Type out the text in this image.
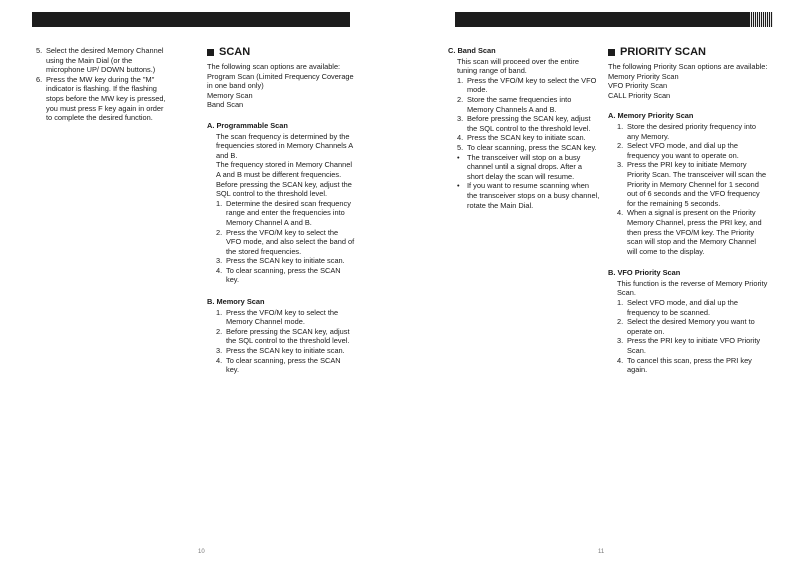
5. Select the desired Memory Channel using the Main Dial (or the microphone UP/ DOWN buttons.)
6. Press the MW key during the "M" indicator is flashing. If the flashing stops before the MW key is pressed, you must press F key again in order to complete the desired function.
SCAN
The following scan options are available:
Program Scan (Limited Frequency Coverage in one band only)
Memory Scan
Band Scan
A. Programmable Scan
The scan frequency is determined by the frequencies stored in Memory Channels A and B.
The frequency stored in Memory Channel A and B must be different frequencies.
Before pressing the SCAN key, adjust the SQL control to the threshold level.
1. Determine the desired scan frequency range and enter the frequencies into Memory Channel A and B.
2. Press the VFO/M key to select the VFO mode, and also select the band of the stored frequencies.
3. Press the SCAN key to initiate scan.
4. To clear scanning, press the SCAN key.
B. Memory Scan
1. Press the VFO/M key to select the Memory Channel mode.
2. Before pressing the SCAN key, adjust the SQL control to the threshold level.
3. Press the SCAN key to initiate scan.
4. To clear scanning, press the SCAN key.
C. Band Scan
This scan will proceed over the entire tuning range of band.
1. Press the VFO/M key to select the VFO mode.
2. Store the same frequencies into Memory Channels A and B.
3. Before pressing the SCAN key, adjust the SQL control to the threshold level.
4. Press the SCAN key to initiate scan.
5. To clear scanning, press the SCAN key.
•	The transceiver will stop on a busy channel until a signal drops. After a short delay the scan will resume.
•	If you want to resume scanning when the transceiver stops on a busy channel, rotate the Main Dial.
PRIORITY SCAN
The following Priority Scan options are available:
Memory Priority Scan
VFO Priority Scan
CALL Priority Scan
A. Memory Priority Scan
1. Store the desired priority frequency into any Memory.
2. Select VFO mode, and dial up the frequency you want to operate on.
3. Press the PRI key to initiate Memory Priority Scan. The transceiver will scan the Priority in Memory Chennel for 1 second out of 6 seconds and the VFO frequency for the remaining 5 seconds.
4. When a signal is present on the Priority Memory Channel, press the PRI key, and then press the VFO/M key. The Priority scan will stop and the Memory Channel will come to the display.
B. VFO Priority Scan
This function is the reverse of Memory Priority Scan.
1. Select VFO mode, and dial up the frequency to be scanned.
2. Select the desired Memory you want to operate on.
3. Press the PRI key to initiate VFO Priority Scan.
4. To cancel this scan, press the PRI key again.
10	11
